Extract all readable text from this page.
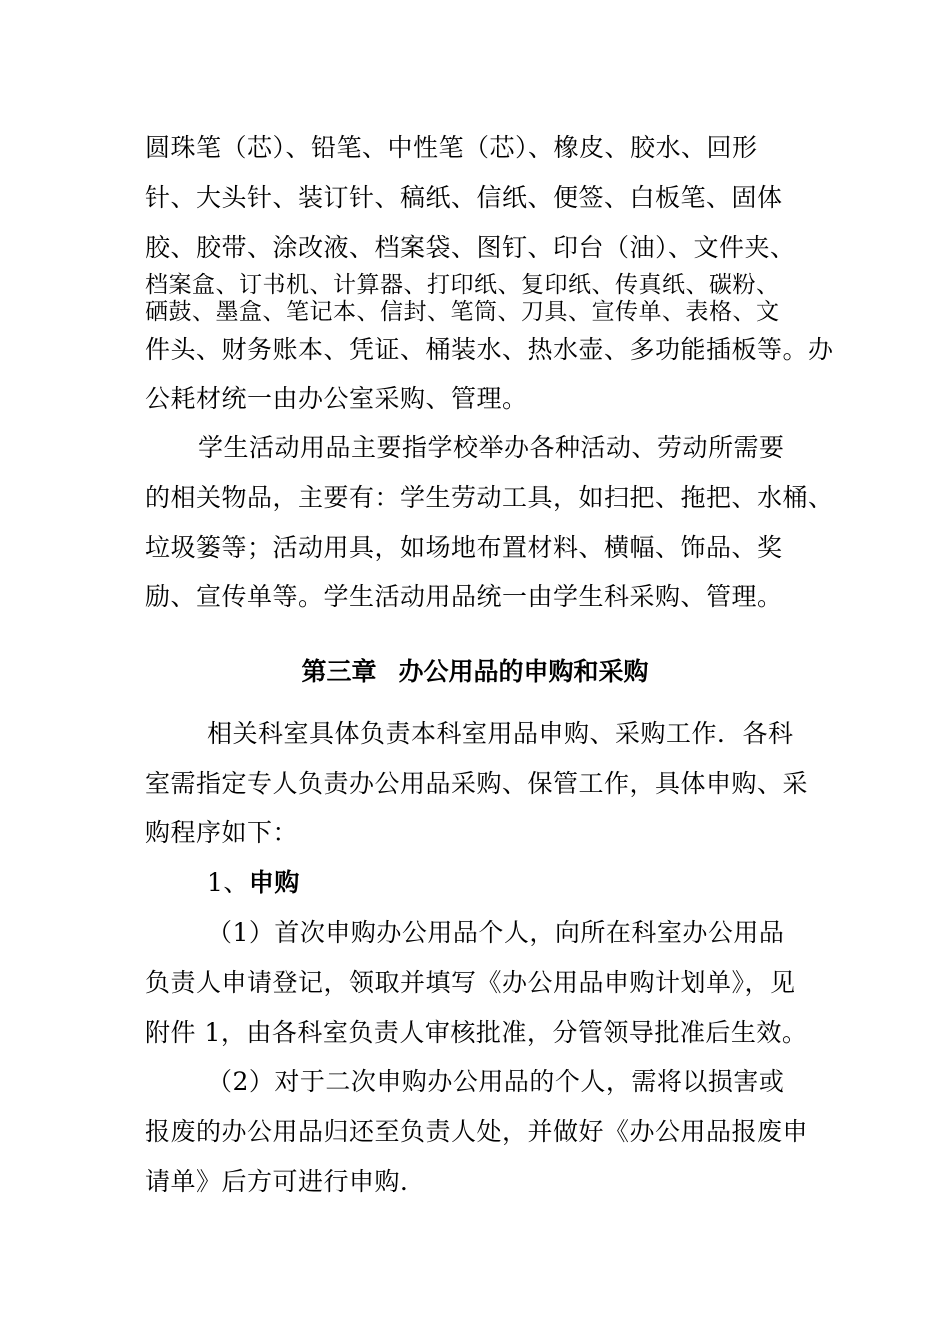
圆珠笔（芯）、铅笔、中性笔（芯）、橡皮、胶水、回形
针、大头针、装订针、稿纸、信纸、便签、白板笔、固体
胶、胶带、涂改液、档案袋、图钉、印台（油）、文件夹、
档案盒、订书机、计算器、打印纸、复印纸、传真纸、碳粉、
硒鼓、墨盒、笔记本、信封、笔筒、刀具、宣传单、表格、文
件头、财务账本、凭证、桶装水、热水壶、多功能插板等。办
公耗材统一由办公室采购、管理。
学生活动用品主要指学校举办各种活动、劳动所需要
的相关物品，主要有：学生劳动工具，如扫把、拖把、水桶、
垃圾篓等；活动用具，如场地布置材料、横幅、饰品、奖
励、宣传单等。学生活动用品统一由学生科采购、管理。
第三章 办公用品的申购和采购
相关科室具体负责本科室用品申购、采购工作．各科
室需指定专人负责办公用品采购、保管工作，具体申购、采
购程序如下：
1、申购
（1）首次申购办公用品个人，向所在科室办公用品
负责人申请登记，领取并填写《办公用品申购计划单》，见
附件 1，由各科室负责人审核批准，分管领导批准后生效。
（2）对于二次申购办公用品的个人，需将以损害或
报废的办公用品归还至负责人处，并做好《办公用品报废申
请单》后方可进行申购．
